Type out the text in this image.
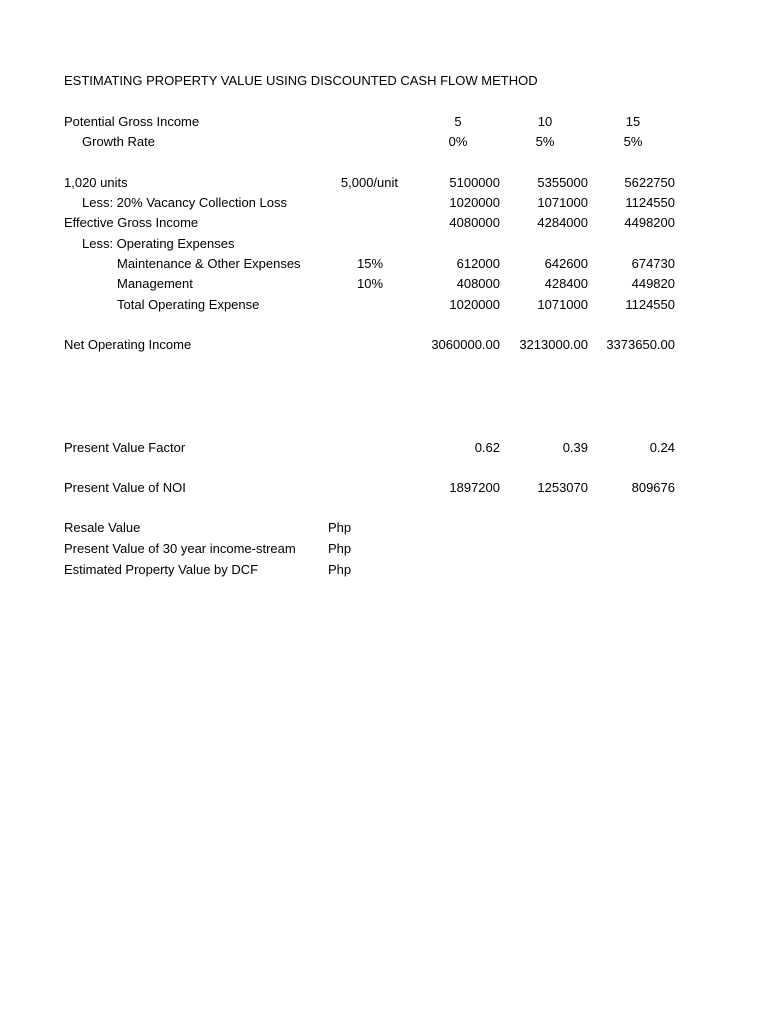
ESTIMATING PROPERTY VALUE USING DISCOUNTED CASH FLOW METHOD
Potential Gross Income	5	10	15
Growth Rate	0%	5%	5%
1,020 units	5,000/unit	5100000	5355000	5622750
Less: 20% Vacancy Collection Loss	1020000	1071000	1124550
Effective Gross Income	4080000	4284000	4498200
Less: Operating Expenses
Maintenance & Other Expenses	15%	612000	642600	674730
Management	10%	408000	428400	449820
Total Operating Expense	1020000	1071000	1124550
Net Operating Income	3060000.00 3213000.00 3373650.00
Present Value Factor	0.62	0.39	0.24
Present Value of NOI	1897200	1253070	809676
Resale Value	Php
Present Value of 30 year income-stream Php
Estimated Property Value by DCF	Php
